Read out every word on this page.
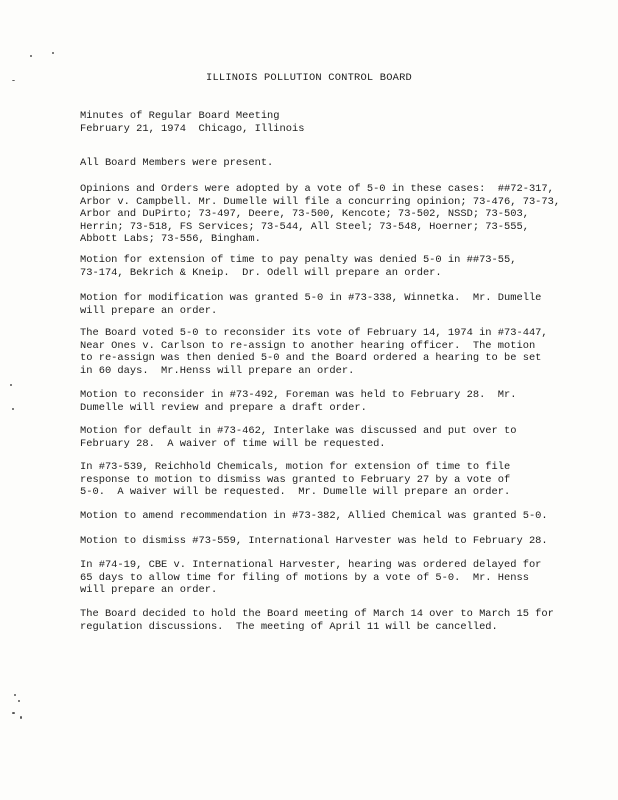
ILLINOIS POLLUTION CONTROL BOARD

Minutes of Regular Board Meeting

February 21, 1974  Chicago, Illinois

All Board Members were present.

Opinions and Orders were adopted by a vote of 5-0 in these cases:  ##72-317,

Arbor v. Campbell. Mr. Dumelle will file a concurring opinion; 73-476, 73-73,

Arbor and DuPirto; 73-497, Deere, 73-500, Kencote; 73-502, NSSD; 73-503,

Herrin; 73-518, FS Services; 73-544, All Steel; 73-548, Hoerner; 73-555,

Abbott Labs; 73-556, Bingham.

Motion for extension of time to pay penalty was denied 5-0 in ##73-55,

73-174, Bekrich & Kneip.  Dr. Odell will prepare an order.

Motion for modification was granted 5-0 in #73-338, Winnetka.  Mr. Dumelle

will prepare an order.

The Board voted 5-0 to reconsider its vote of February 14, 1974 in #73-447,

Near Ones v. Carlson to re-assign to another hearing officer.  The motion

to re-assign was then denied 5-0 and the Board ordered a hearing to be set

in 60 days.  Mr.Henss will prepare an order.

Motion to reconsider in #73-492, Foreman was held to February 28.  Mr.

Dumelle will review and prepare a draft order.

Motion for default in #73-462, Interlake was discussed and put over to

February 28.  A waiver of time will be requested.

In #73-539, Reichhold Chemicals, motion for extension of time to file

response to motion to dismiss was granted to February 27 by a vote of

5-0.  A waiver will be requested.  Mr. Dumelle will prepare an order.

Motion to amend recommendation in #73-382, Allied Chemical was granted 5-0.

Motion to dismiss #73-559, International Harvester was held to February 28.

In #74-19, CBE v. International Harvester, hearing was ordered delayed for

65 days to allow time for filing of motions by a vote of 5-0.  Mr. Henss

will prepare an order.

The Board decided to hold the Board meeting of March 14 over to March 15 for

regulation discussions.  The meeting of April 11 will be cancelled.
